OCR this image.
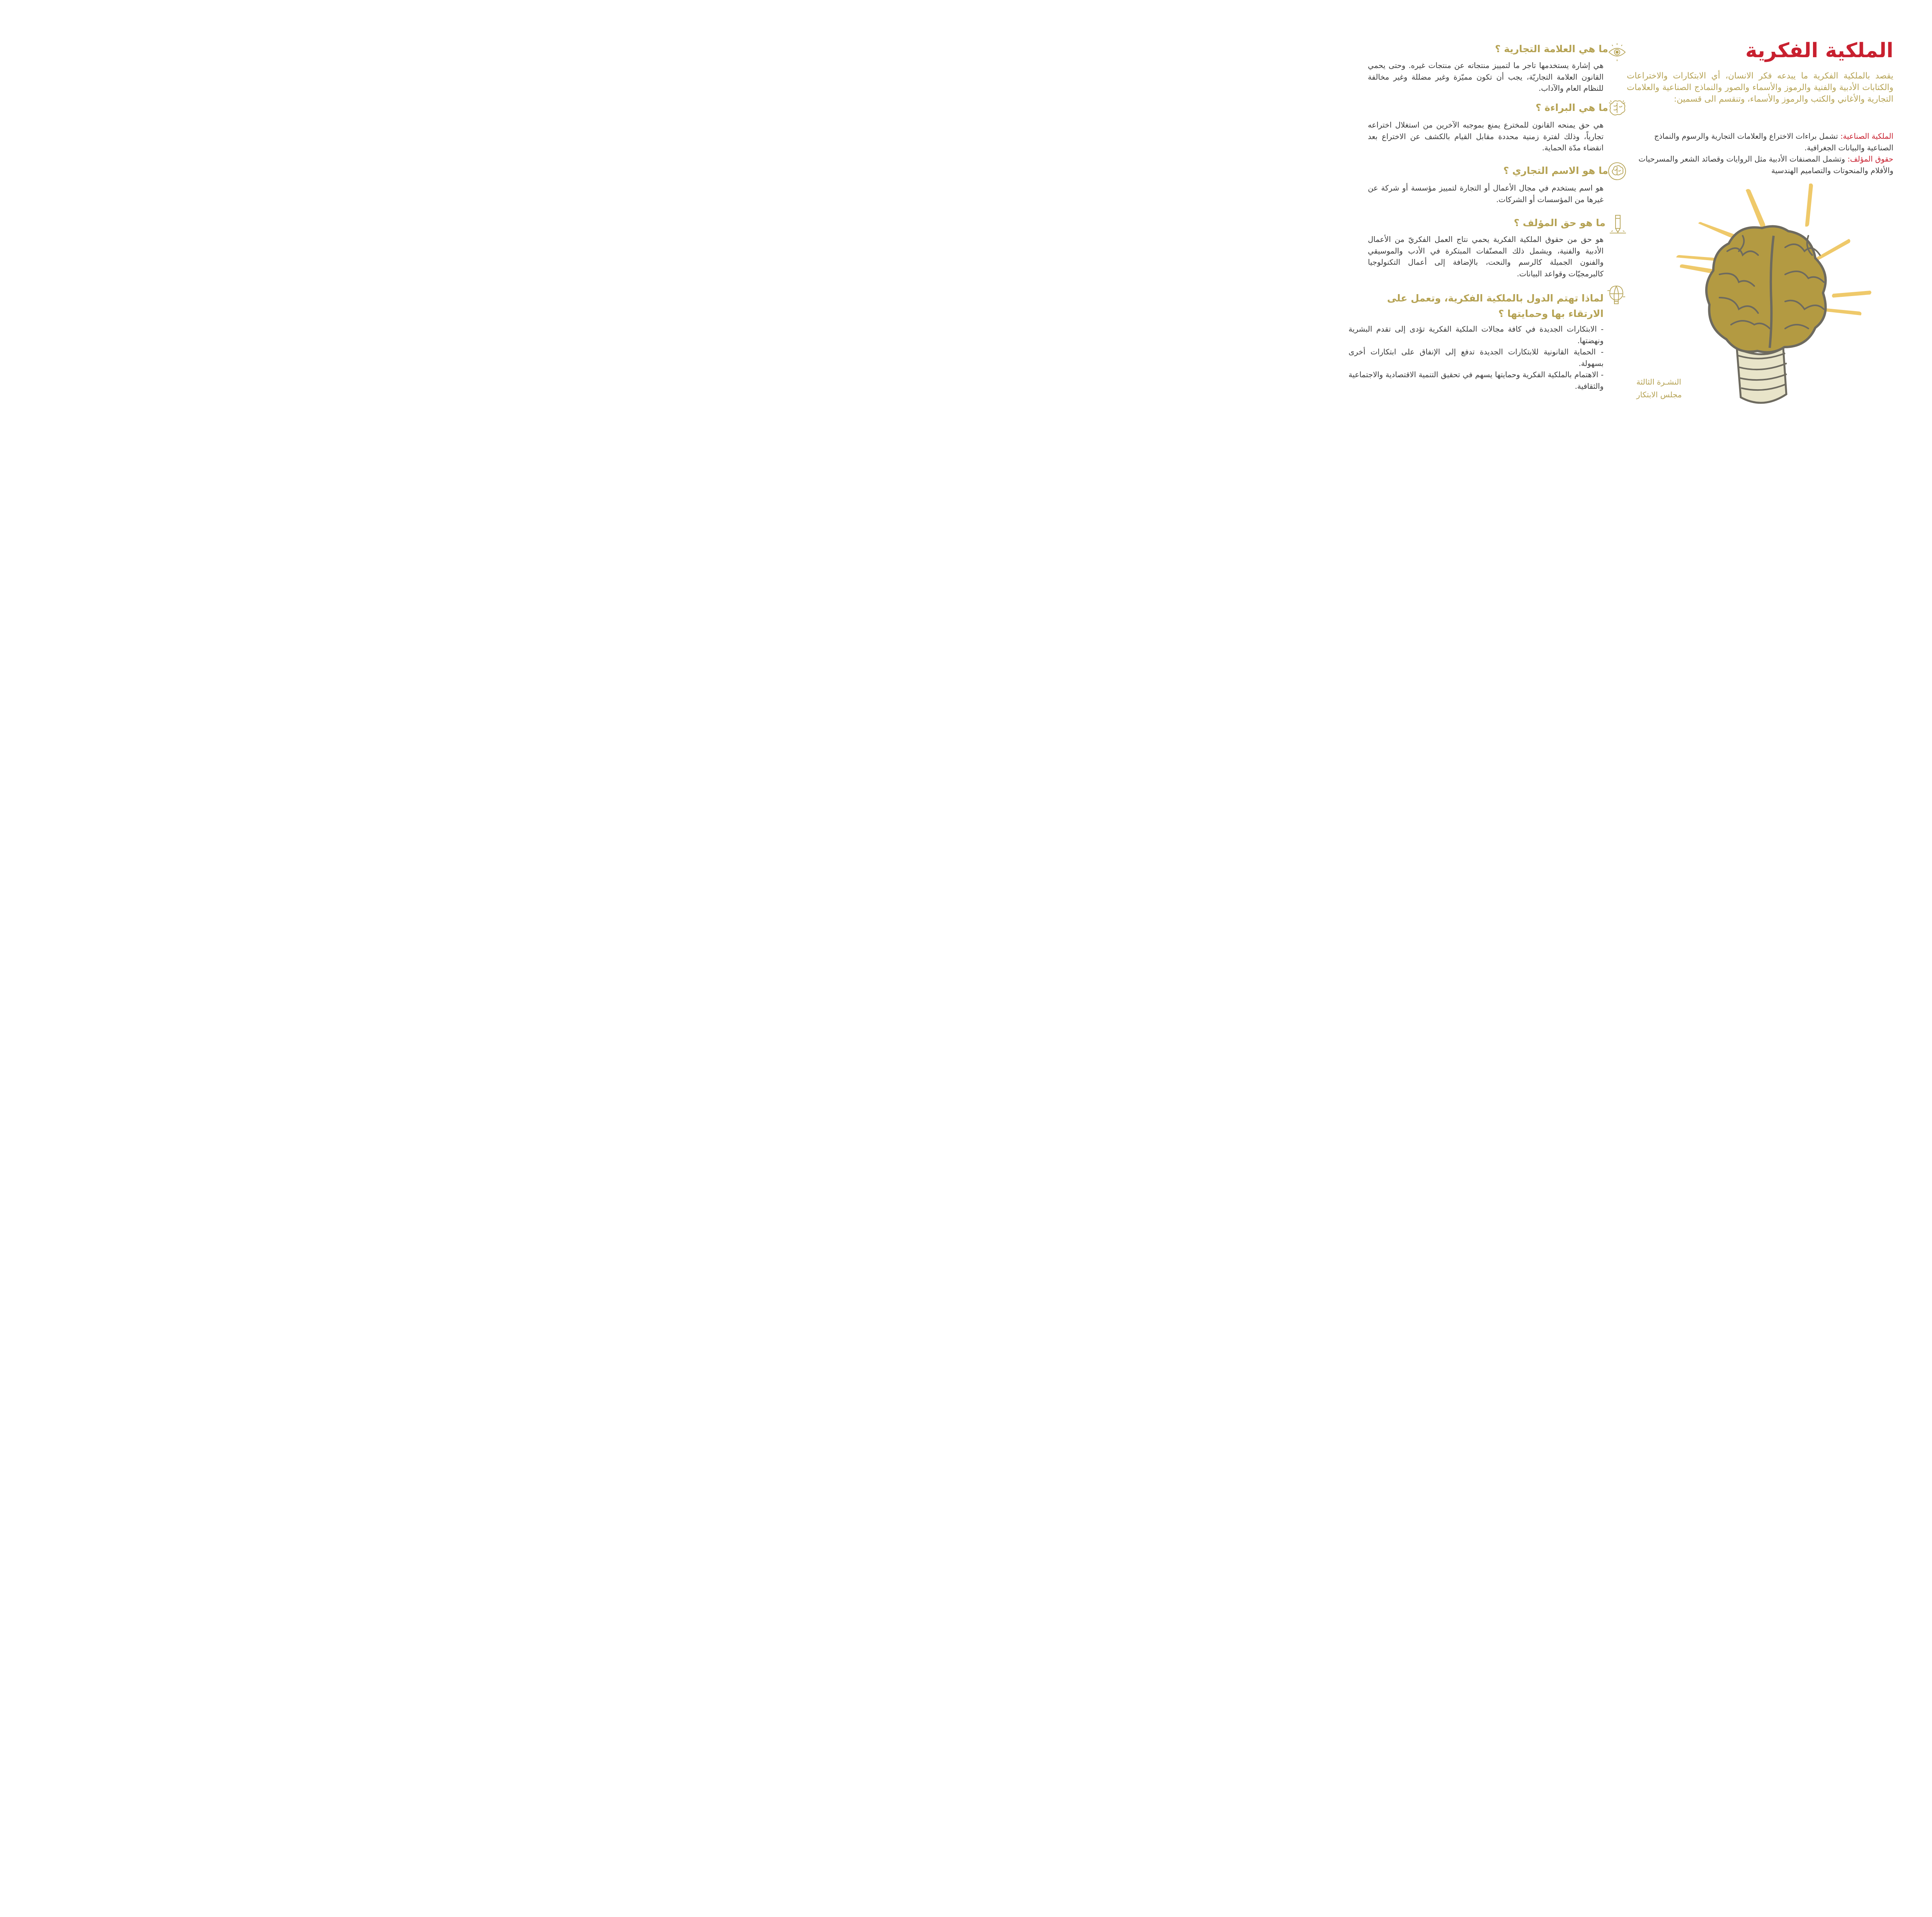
الملكية الفكرية

يقصد بالملكية الفكرية ما يبدعه فكر الانسان، أي الابتكارات والاختراعات والكتابات الأدبية والفنية والرموز والأسماء والصور والنماذج الصناعية والعلامات التجارية والأغاني والكتب والرموز والأسماء، وتنقسم الى قسمين:

الملكية الصناعية: تشمل براءات الاختراع والعلامات التجارية والرسوم والنماذج الصناعية والبيانات الجغرافية.
حقوق المؤلف: وتشمل المصنفات الأدبية مثل الروايات وقصائد الشعر والمسرحيات والأفلام والمنحوتات والتصاميم الهندسية
النشـرة الثالثة
مجلس الابتكار
ما هي العلامة التجارية ؟

هي إشارة يستخدمها تاجر ما لتمييز منتجاته عن منتجات غيره. وحتى يحمي القانون العلامة التجاريّة، يجب أن تكون مميّزة وغير مضللة وغير مخالفة للنظام العام والآداب.

ما هي البراءة ؟

هي حق يمنحه القانون للمخترع يمنع بموجبه الآخرين من استغلال اختراعه تجارياً، وذلك لفترة زمنية محددة مقابل القيام بالكشف عن الاختراع بعد انقضاء مدّة الحماية.

ما هو الاسم التجاري ؟

هو اسم يستخدم في مجال الأعمال أو التجارة لتمييز مؤسسة أو شركة عن غيرها من المؤسسات أو الشركات.

ما هو حق المؤلف ؟

هو حق من حقوق الملكية الفكرية يحمي نتاج العمل الفكريّ من الأعمال الأدبية والفنية، ويشمل ذلك المصنّفات المبتكرة في الأدب والموسيقي والفنون الجميلة كالرسم والنحت، بالإضافة إلى أعمال التكنولوجيا كالبرمجيّات وقواعد البيانات.

لماذا تهتم الدول بالملكية الفكرية، وتعمل على الارتقاء بها وحمايتها ؟

- الابتكارات الجديدة في كافة مجالات الملكية الفكرية تؤدى إلى تقدم البشرية ونهضتها.

- الحماية القانونية للابتكارات الجديدة تدفع إلى الإنفاق على ابتكارات أخرى بسهولة.

- الاهتمام بالملكية الفكرية وحمايتها يسهم في تحقيق التنمية الاقتصادية والاجتماعية والثقافية.
